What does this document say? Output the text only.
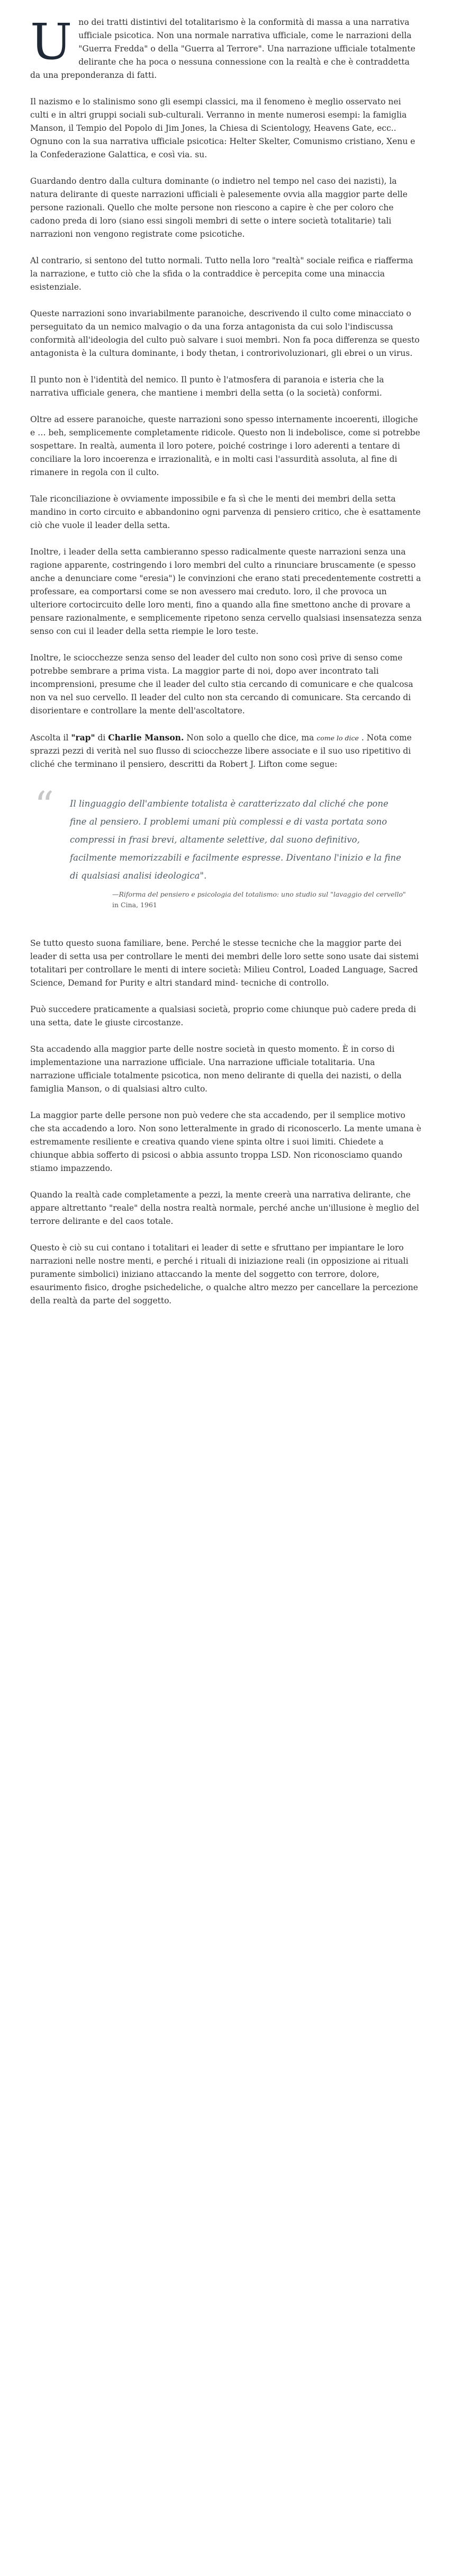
U no dei tratti distintivi del totalitarismo è la conformità di massa a una narrativa ufficiale psicotica. Non una normale narrativa ufficiale, come le narrazioni della "Guerra Fredda" o della "Guerra al Terrore". Una narrazione ufficiale totalmente delirante che ha poca o nessuna connessione con la realtà e che è contraddetta da una preponderanza di fatti.

Il nazismo e lo stalinismo sono gli esempi classici, ma il fenomeno è meglio osservato nei culti e in altri gruppi sociali sub-culturali. Verranno in mente numerosi esempi: la famiglia Manson, il Tempio del Popolo di Jim Jones, la Chiesa di Scientology, Heavens Gate, ecc.. Ognuno con la sua narrativa ufficiale psicotica: Helter Skelter, Comunismo cristiano, Xenu e la Confederazione Galattica, e così via. su.

Guardando dentro dalla cultura dominante (o indietro nel tempo nel caso dei nazisti), la natura delirante di queste narrazioni ufficiali è palesemente ovvia alla maggior parte delle persone razionali. Quello che molte persone non riescono a capire è che per coloro che cadono preda di loro (siano essi singoli membri di sette o intere società totalitarie) tali narrazioni non vengono registrate come psicotiche.

Al contrario, si sentono del tutto normali. Tutto nella loro "realtà" sociale reifica e riafferma la narrazione, e tutto ciò che la sfida o la contraddice è percepita come una minaccia esistenziale.

Queste narrazioni sono invariabilmente paranoiche, descrivendo il culto come minacciato o perseguitato da un nemico malvagio o da una forza antagonista da cui solo l'indiscussa conformità all'ideologia del culto può salvare i suoi membri. Non fa poca differenza se questo antagonista è la cultura dominante, i body thetan, i controrivoluzionari, gli ebrei o un virus.

Il punto non è l'identità del nemico. Il punto è l'atmosfera di paranoia e isteria che la narrativa ufficiale genera, che mantiene i membri della setta (o la società) conformi.

Oltre ad essere paranoiche, queste narrazioni sono spesso internamente incoerenti, illogiche e … beh, semplicemente completamente ridicole. Questo non li indebolisce, come si potrebbe sospettare. In realtà, aumenta il loro potere, poiché costringe i loro aderenti a tentare di conciliare la loro incoerenza e irrazionalità, e in molti casi l'assurdità assoluta, al fine di rimanere in regola con il culto.

Tale riconciliazione è ovviamente impossibile e fa sì che le menti dei membri della setta mandino in corto circuito e abbandonino ogni parvenza di pensiero critico, che è esattamente ciò che vuole il leader della setta.

Inoltre, i leader della setta cambieranno spesso radicalmente queste narrazioni senza una ragione apparente, costringendo i loro membri del culto a rinunciare bruscamente (e spesso anche a denunciare come "eresia") le convinzioni che erano stati precedentemente costretti a professare, ea comportarsi come se non avessero mai creduto. loro, il che provoca un ulteriore cortocircuito delle loro menti, fino a quando alla fine smettono anche di provare a pensare razionalmente, e semplicemente ripetono senza cervello qualsiasi insensatezza senza senso con cui il leader della setta riempie le loro teste.

Inoltre, le sciocchezze senza senso del leader del culto non sono così prive di senso come potrebbe sembrare a prima vista. La maggior parte di noi, dopo aver incontrato tali incomprensioni, presume che il leader del culto stia cercando di comunicare e che qualcosa non va nel suo cervello. Il leader del culto non sta cercando di comunicare. Sta cercando di disorientare e controllare la mente dell'ascoltatore.

Ascolta il "rap" di Charlie Manson. Non solo a quello che dice, ma come lo dice . Nota come sprazzi pezzi di verità nel suo flusso di sciocchezze libere associate e il suo uso ripetitivo di cliché che terminano il pensiero, descritti da Robert J. Lifton come segue:

“ Il linguaggio dell'ambiente totalista è caratterizzato dal cliché che pone fine al pensiero. I problemi umani più complessi e di vasta portata sono compressi in frasi brevi, altamente selettive, dal suono definitivo, facilmente memorizzabili e facilmente espresse. Diventano l'inizio e la fine di qualsiasi analisi ideologica".

—Riforma del pensiero e psicologia del totalismo: uno studio sul "lavaggio del cervello" in Cina, 1961

Se tutto questo suona familiare, bene. Perché le stesse tecniche che la maggior parte dei leader di setta usa per controllare le menti dei membri delle loro sette sono usate dai sistemi totalitari per controllare le menti di intere società: Milieu Control, Loaded Language, Sacred Science, Demand for Purity e altri standard mind- tecniche di controllo.

Può succedere praticamente a qualsiasi società, proprio come chiunque può cadere preda di una setta, date le giuste circostanze.

Sta accadendo alla maggior parte delle nostre società in questo momento. È in corso di implementazione una narrazione ufficiale. Una narrazione ufficiale totalitaria. Una narrazione ufficiale totalmente psicotica, non meno delirante di quella dei nazisti, o della famiglia Manson, o di qualsiasi altro culto.

La maggior parte delle persone non può vedere che sta accadendo, per il semplice motivo che sta accadendo a loro. Non sono letteralmente in grado di riconoscerlo. La mente umana è estremamente resiliente e creativa quando viene spinta oltre i suoi limiti. Chiedete a chiunque abbia sofferto di psicosi o abbia assunto troppa LSD. Non riconosciamo quando stiamo impazzendo.

Quando la realtà cade completamente a pezzi, la mente creerà una narrativa delirante, che appare altrettanto "reale" della nostra realtà normale, perché anche un'illusione è meglio del terrore delirante e del caos totale.

Questo è ciò su cui contano i totalitari ei leader di sette e sfruttano per impiantare le loro narrazioni nelle nostre menti, e perché i rituali di iniziazione reali (in opposizione ai rituali puramente simbolici) iniziano attaccando la mente del soggetto con terrore, dolore, esaurimento fisico, droghe psichedeliche, o qualche altro mezzo per cancellare la percezione della realtà da parte del soggetto.
